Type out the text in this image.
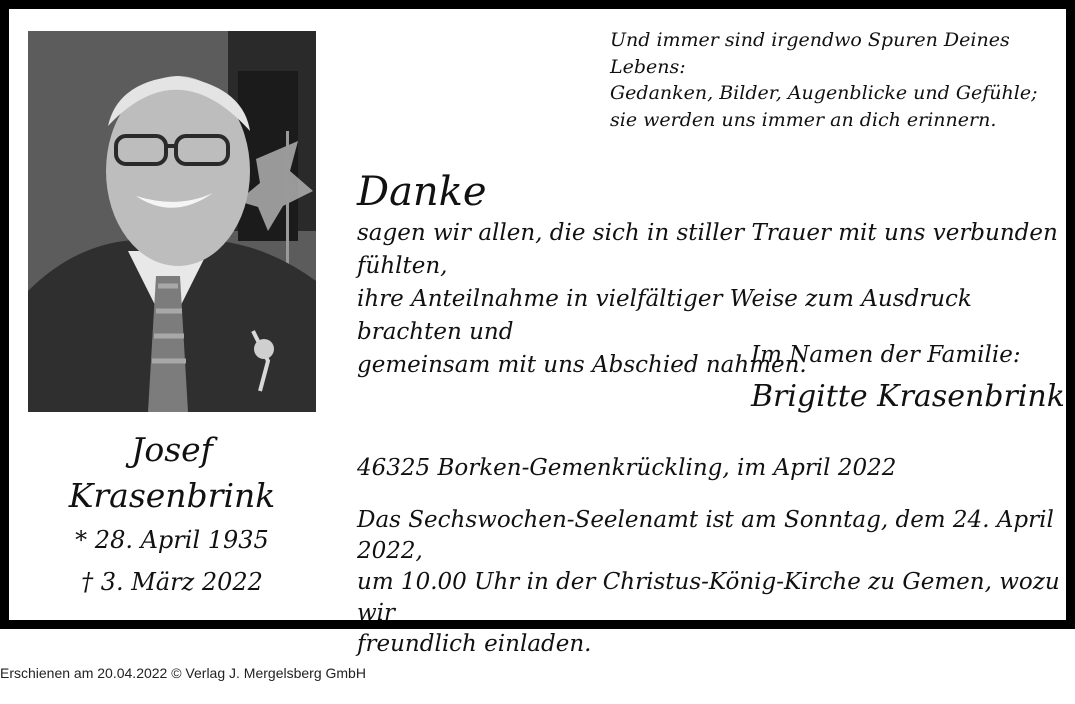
Josef
Krasenbrink
* 28. April 1935
† 3. März 2022
Und immer sind irgendwo Spuren Deines Lebens:
Gedanken, Bilder, Augenblicke und Gefühle;
sie werden uns immer an dich erinnern.
Danke
sagen wir allen, die sich in stiller Trauer mit uns verbunden fühlten,
ihre Anteilnahme in vielfältiger Weise zum Ausdruck brachten und
gemeinsam mit uns Abschied nahmen.
Im Namen der Familie:
Brigitte Krasenbrink
46325 Borken-Gemenkrückling, im April 2022
Das Sechswochen-Seelenamt ist am Sonntag, dem 24. April 2022,
um 10.00 Uhr in der Christus-König-Kirche zu Gemen, wozu wir
freundlich einladen.
Erschienen am 20.04.2022 © Verlag J. Mergelsberg GmbH
